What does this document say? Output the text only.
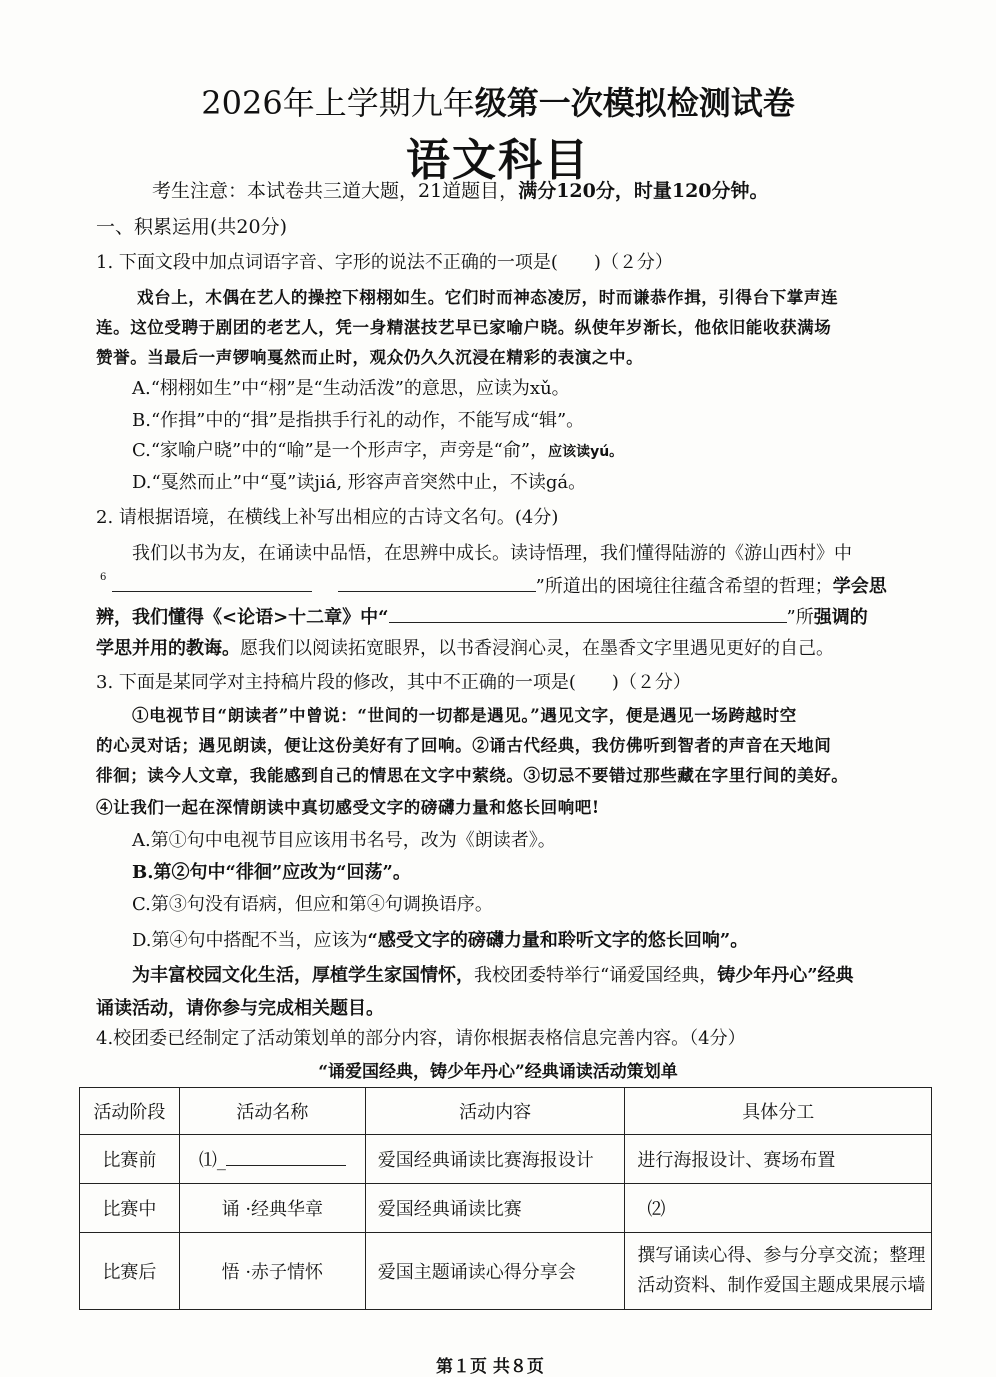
2026年上学期九年级第一次模拟检测试卷
语文科目
考生注意：本试卷共三道大题，21道题目，满分120分，时量120分钟。
一、积累运用(共20分)
1. 下面文段中加点词语字音、字形的说法不正确的一项是(　　)（２分）
戏台上，木偶在艺人的操控下栩栩如生。它们时而神态凌厉，时而谦恭作揖，引得台下掌声连
连。这位受聘于剧团的老艺人，凭一身精湛技艺早已家喻户晓。纵使年岁渐长，他依旧能收获满场
赞誉。当最后一声锣响戛然而止时，观众仍久久沉浸在精彩的表演之中。
A.“栩栩如生”中“栩”是“生动活泼”的意思，应读为xǔ。
B.“作揖”中的“揖”是指拱手行礼的动作，不能写成“辑”。
C.“家喻户晓”中的“喻”是一个形声字，声旁是“俞”，应该读yú。
D.“戛然而止”中“戛”读jiá, 形容声音突然中止，不读gá。
2. 请根据语境，在横线上补写出相应的古诗文名句。(4分)
我们以书为友，在诵读中品悟，在思辨中成长。读诗悟理，我们懂得陆游的《游山西村》中
$^6$	”所道出的困境往往蕴含希望的哲理；学会思
辨，我们懂得《<论语>十二章》中“	”所强调的
学思并用的教诲。愿我们以阅读拓宽眼界，以书香浸润心灵，在墨香文字里遇见更好的自己。
3. 下面是某同学对主持稿片段的修改，其中不正确的一项是(　　)（２分）
①电视节目“朗读者”中曾说：“世间的一切都是遇见。”遇见文字，便是遇见一场跨越时空
的心灵对话；遇见朗读，便让这份美好有了回响。②诵古代经典，我仿佛听到智者的声音在天地间
徘徊；读今人文章，我能感到自己的情思在文字中萦绕。③切忌不要错过那些藏在字里行间的美好。
④让我们一起在深情朗读中真切感受文字的磅礴力量和悠长回响吧!
A.第①句中电视节目应该用书名号，改为《朗读者》。
B.第②句中“徘徊”应改为“回荡”。
C.第③句没有语病，但应和第④句调换语序。
D.第④句中搭配不当，应该为“感受文字的磅礴力量和聆听文字的悠长回响”。
为丰富校园文化生活，厚植学生家国情怀，我校团委特举行“诵爱国经典，铸少年丹心”经典
诵读活动，请你参与完成相关题目。
4.校团委已经制定了活动策划单的部分内容，请你根据表格信息完善内容。（4分）
“诵爱国经典，铸少年丹心”经典诵读活动策划单
活动阶段	活动名称	活动内容	具体分工
比赛前	⑴_	爱国经典诵读比赛海报设计	进行海报设计、赛场布置
比赛中	诵 ·经典华章	爱国经典诵读比赛	⑵
比赛后	悟 ·赤子情怀	爱国主题诵读心得分享会	撰写诵读心得、参与分享交流；整理活动资料、制作爱国主题成果展示墙
第１页 共８页
